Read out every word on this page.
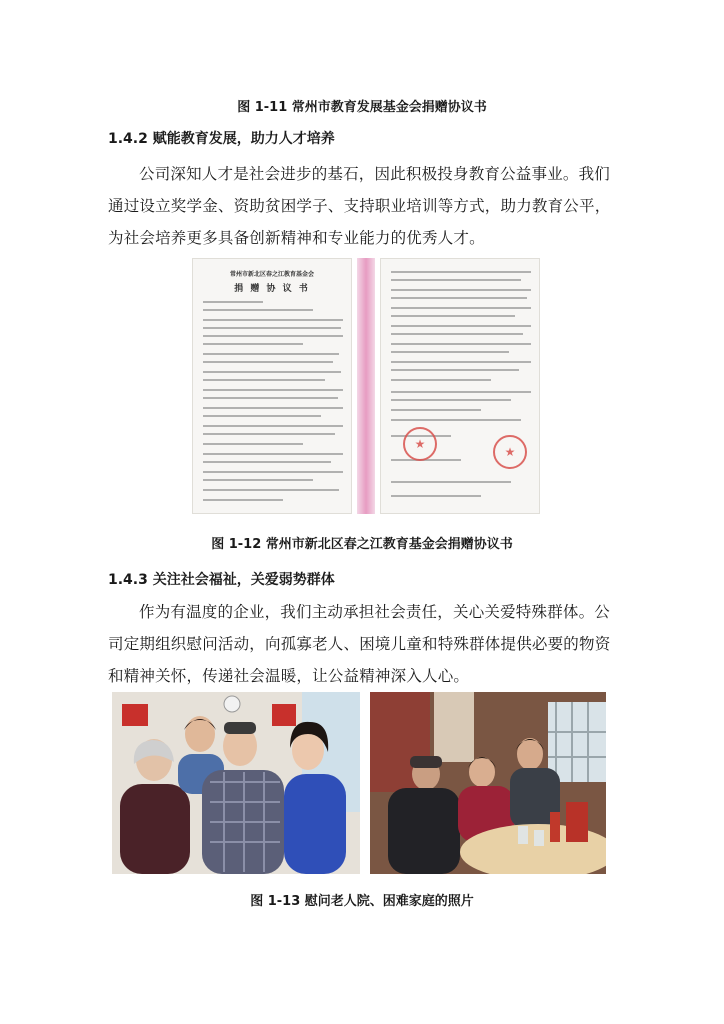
图 1-11 常州市教育发展基金会捐赠协议书
1.4.2 赋能教育发展，助力人才培养

公司深知人才是社会进步的基石，因此积极投身教育公益事业。我们通过设立奖学金、资助贫困学子、支持职业培训等方式，助力教育公平，为社会培养更多具备创新精神和专业能力的优秀人才。

常州市新北区春之江教育基金会
捐 赠 协 议 书
★
★
图 1-12 常州市新北区春之江教育基金会捐赠协议书
1.4.3 关注社会福祉，关爱弱势群体

作为有温度的企业，我们主动承担社会责任，关心关爱特殊群体。公司定期组织慰问活动，向孤寡老人、困境儿童和特殊群体提供必要的物资和精神关怀，传递社会温暖，让公益精神深入人心。

图 1-13 慰问老人院、困难家庭的照片
